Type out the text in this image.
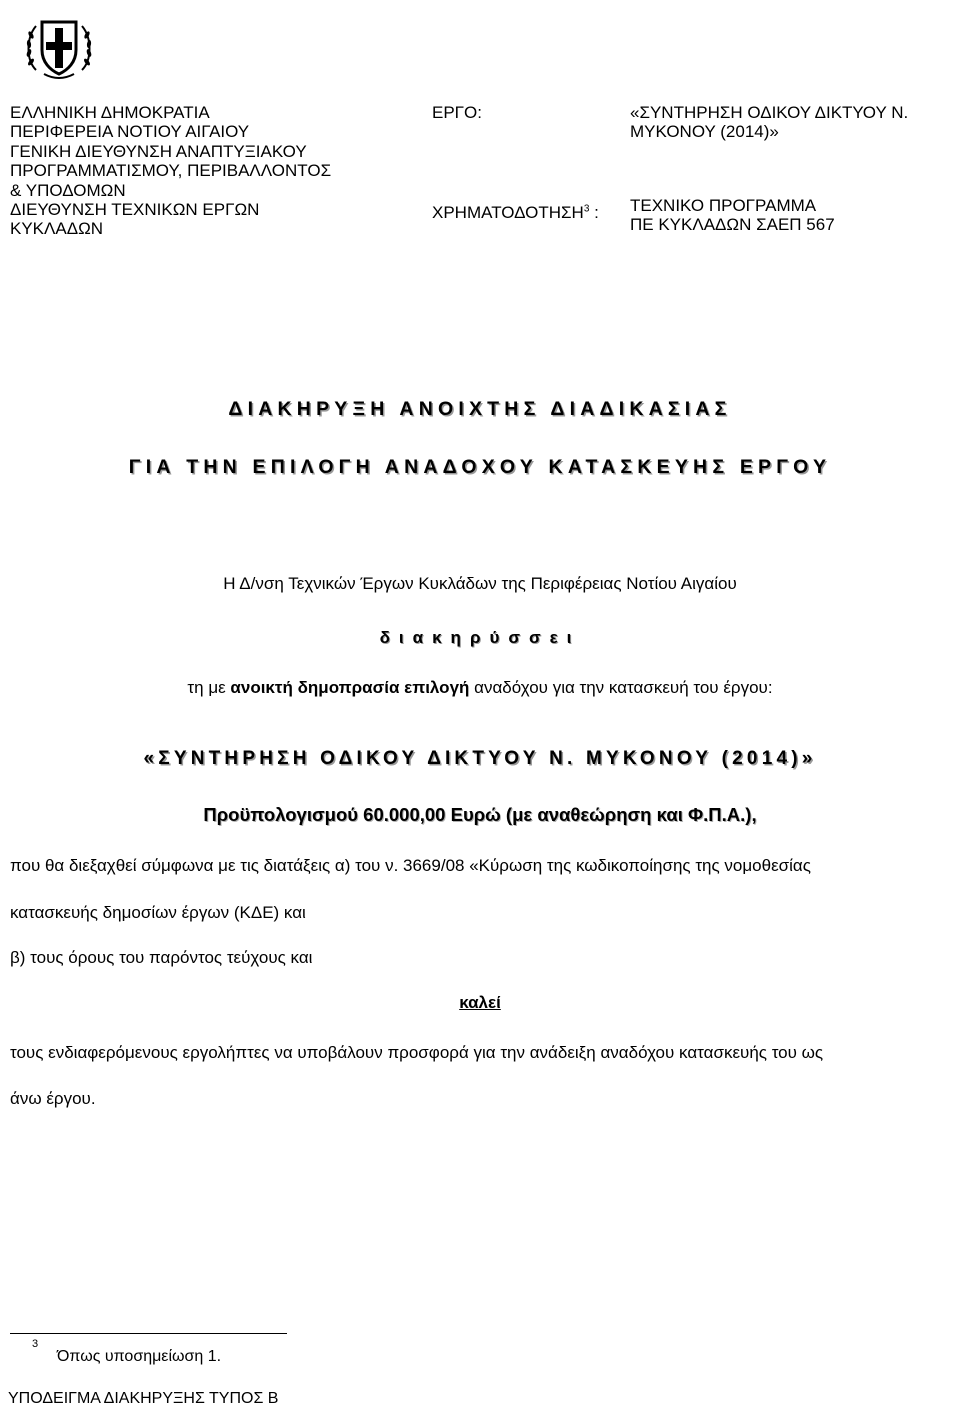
ΕΛΛΗΝΙΚΗ ΔΗΜΟΚΡΑΤΙΑ
ΠΕΡΙΦΕΡΕΙΑ ΝΟΤΙΟΥ ΑΙΓΑΙΟΥ
ΓΕΝΙΚΗ ΔΙΕΥΘΥΝΣΗ ΑΝΑΠΤΥΞΙΑΚΟΥ
ΠΡΟΓΡΑΜΜΑΤΙΣΜΟΥ, ΠΕΡΙΒΑΛΛΟΝΤΟΣ
& ΥΠΟΔΟΜΩΝ
ΔΙΕΥΘΥΝΣΗ ΤΕΧΝΙΚΩΝ ΕΡΓΩΝ
ΚΥΚΛΑΔΩΝ
ΕΡΓΟ:	«ΣΥΝΤΗΡΗΣΗ ΟΔΙΚΟΥ ΔΙΚΤΥΟΥ Ν.
ΜΥΚΟΝΟΥ (2014)»
ΧΡΗΜΑΤΟΔΟΤΗΣΗ$^3$ : ΤΕΧΝΙΚΟ ΠΡΟΓΡΑΜΜΑ
ΠΕ ΚΥΚΛΑΔΩΝ ΣΑΕΠ 567
ΔΙΑΚΗΡΥΞΗ ΑΝΟΙΧΤΗΣ ΔΙΑΔΙΚΑΣΙΑΣ
ΓΙΑ ΤΗΝ ΕΠΙΛΟΓΗ ΑΝΑΔΟΧΟΥ ΚΑΤΑΣΚΕΥΗΣ ΕΡΓΟΥ
Η Δ/νση Τεχνικών Έργων Κυκλάδων της Περιφέρειας Νοτίου Αιγαίου
διακηρύσσει
τη με ανοικτή δημοπρασία επιλογή αναδόχου για την κατασκευή του έργου:
«ΣΥΝΤΗΡΗΣΗ ΟΔΙΚΟΥ ΔΙΚΤΥΟΥ Ν. ΜΥΚΟΝΟΥ (2014)»
Προϋπολογισμού 60.000,00 Ευρώ (με αναθεώρηση και Φ.Π.Α.),
που θα διεξαχθεί σύμφωνα με τις διατάξεις α) του ν. 3669/08 «Κύρωση της κωδικοποίησης της νομοθεσίας
κατασκευής δημοσίων έργων (ΚΔΕ) και
β) τους όρους του παρόντος τεύχους και
καλεί
τους ενδιαφερόμενους εργολήπτες να υποβάλουν προσφορά για την ανάδειξη αναδόχου κατασκευής του ως
άνω έργου.
3
Όπως υποσημείωση 1.
ΥΠΟΔΕΙΓΜΑ ΔΙΑΚΗΡΥΞΗΣ ΤΥΠΟΣ Β
